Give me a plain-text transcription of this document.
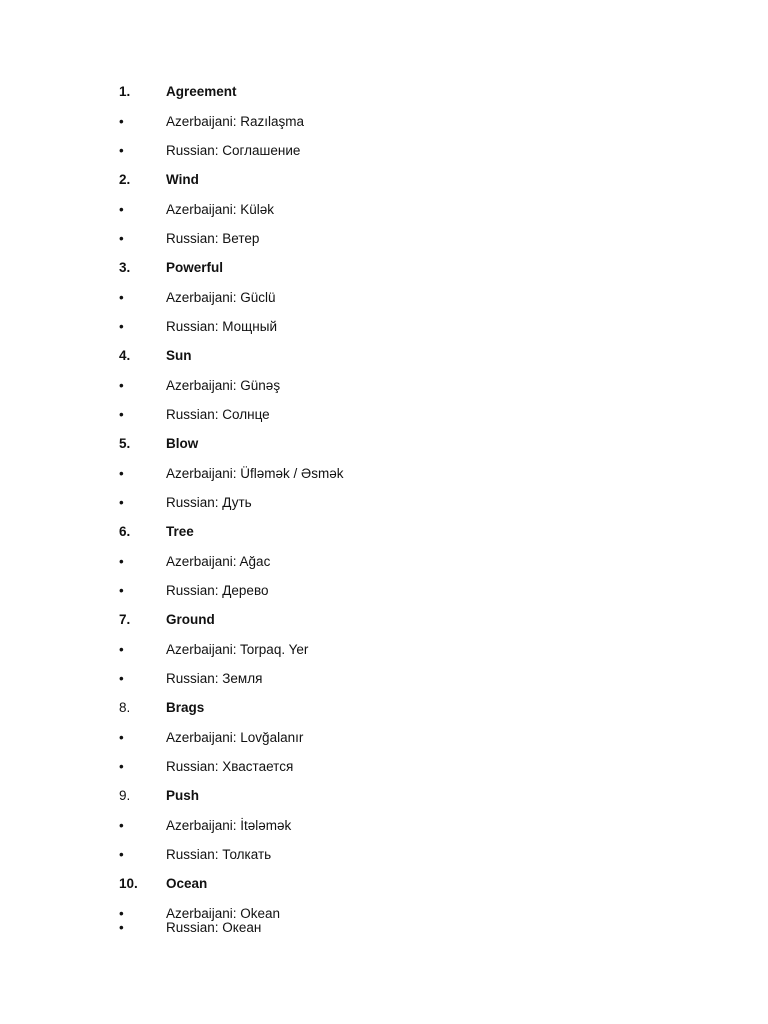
1.	Agreement
•	Azerbaijani: Razılaşma
•	Russian: Соглашение
2.	Wind
•	Azerbaijani: Külək
•	Russian: Ветер
3.	Powerful
•	Azerbaijani: Güclü
•	Russian: Мощный
4.	Sun
•	Azerbaijani: Günəş
•	Russian: Солнце
5.	Blow
•	Azerbaijani: Üfləmək / Əsmək
•	Russian: Дуть
6.	Tree
•	Azerbaijani: Ağac
•	Russian: Дерево
7.	Ground
•	Azerbaijani: Torpaq. Yer
•	Russian: Земля
8.	Brags
•	Azerbaijani: Lovğalanır
•	Russian: Хвастается
9.	Push
•	Azerbaijani: İtələmək
•	Russian: Толкать
10. Ocean
•	Azerbaijani: Okean
•	Russian: Океан
